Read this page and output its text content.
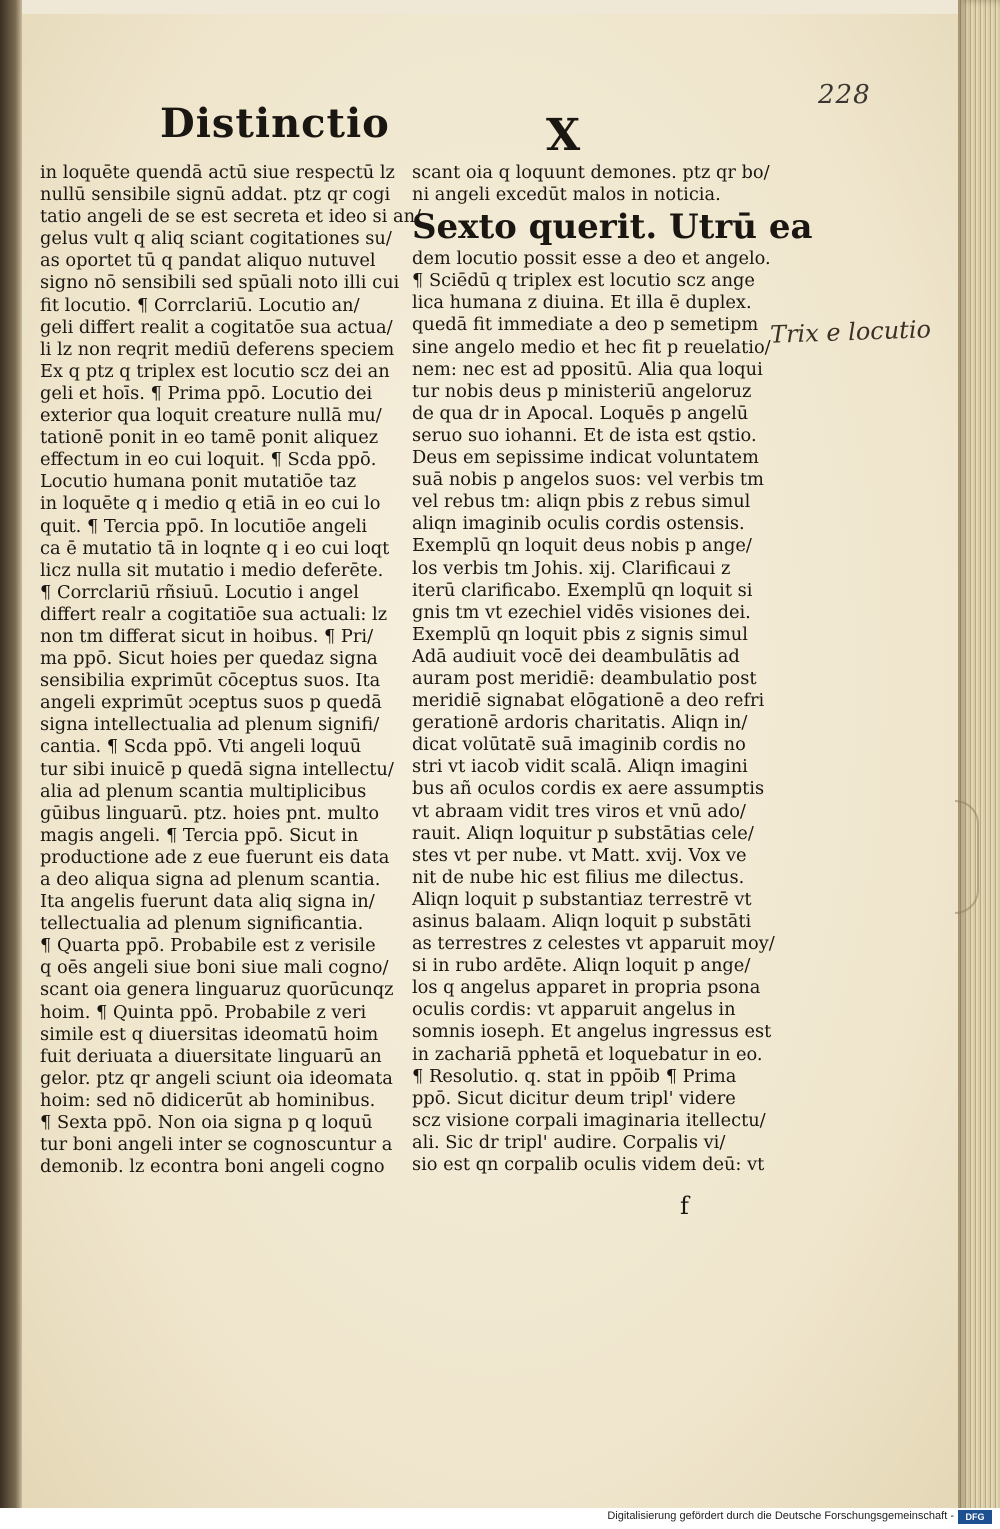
228
Distinctio	X
Trix e locutio
in loquēte quendā actū siue respectū lz
nullū sensibile signū addat. ptz qr cogi
tatio angeli de se est secreta et ideo si an/
gelus vult q aliq sciant cogitationes su/
as oportet tū q pandat aliquo nutuvel
signo nō sensibili sed spūali noto illi cui
fit locutio. ¶ Corrclariū. Locutio an/
geli differt realit a cogitatōe sua actua/
li lz non reqrit mediū deferens speciem
Ex q ptz q triplex est locutio scz dei an
geli et hoīs. ¶ Prima ppō. Locutio dei
exterior qua loquit creature nullā mu/
tationē ponit in eo tamē ponit aliquez
effectum in eo cui loquit. ¶ Scda ppō.
Locutio humana ponit mutatiōe taz
in loquēte q i medio q etiā in eo cui lo
quit. ¶ Tercia ppō. In locutiōe angeli
ca ē mutatio tā in loqnte q i eo cui loqt
licz nulla sit mutatio i medio deferēte.
¶ Corrclariū rñsiuū. Locutio i angel
differt realr a cogitatiōe sua actuali: lz
non tm differat sicut in hoibus. ¶ Pri/
ma ppō. Sicut hoies per quedaz signa
sensibilia exprimūt cōceptus suos. Ita
angeli exprimūt ɔceptus suos p quedā
signa intellectualia ad plenum signifi/
cantia. ¶ Scda ppō. Vti angeli loquū
tur sibi inuicē p quedā signa intellectu/
alia ad plenum scantia multiplicibus
gūibus linguarū. ptz. hoies pnt. multo
magis angeli. ¶ Tercia ppō. Sicut in
productione ade z eue fuerunt eis data
a deo aliqua signa ad plenum scantia.
Ita angelis fuerunt data aliq signa in/
tellectualia ad plenum significantia.
¶ Quarta ppō. Probabile est z verisile
q oēs angeli siue boni siue mali cogno/
scant oia genera linguaruz quorūcunqz
hoim. ¶ Quinta ppō. Probabile z veri
simile est q diuersitas ideomatū hoim
fuit deriuata a diuersitate linguarū an
gelor. ptz qr angeli sciunt oia ideomata
hoim: sed nō didicerūt ab hominibus.
¶ Sexta ppō. Non oia signa p q loquū
tur boni angeli inter se cognoscuntur a
demonib. lz econtra boni angeli cogno
scant oia q loquunt demones. ptz qr bo/
ni angeli excedūt malos in noticia.
Sexto querit. Utrū ea
dem locutio possit esse a deo et angelo.
¶ Sciēdū q triplex est locutio scz ange
lica humana z diuina. Et illa ē duplex.
quedā fit immediate a deo p semetipm
sine angelo medio et hec fit p reuelatio/
nem: nec est ad ppositū. Alia qua loqui
tur nobis deus p ministeriū angeloruz
de qua dr in Apocal. Loquēs p angelū
seruo suo iohanni. Et de ista est qstio.
Deus em sepissime indicat voluntatem
suā nobis p angelos suos: vel verbis tm
vel rebus tm: aliqn pbis z rebus simul
aliqn imaginib oculis cordis ostensis.
Exemplū qn loquit deus nobis p ange/
los verbis tm Johis. xij. Clarificaui z
iterū clarificabo. Exemplū qn loquit si
gnis tm vt ezechiel vidēs visiones dei.
Exemplū qn loquit pbis z signis simul
Adā audiuit vocē dei deambulātis ad
auram post meridiē: deambulatio post
meridiē signabat elōgationē a deo refri
gerationē ardoris charitatis. Aliqn in/
dicat volūtatē suā imaginib cordis no
stri vt iacob vidit scalā. Aliqn imagini
bus añ oculos cordis ex aere assumptis
vt abraam vidit tres viros et vnū ado/
rauit. Aliqn loquitur p substātias cele/
stes vt per nube. vt Matt. xvij. Vox ve
nit de nube hic est filius me dilectus.
Aliqn loquit p substantiaz terrestrē vt
asinus balaam. Aliqn loquit p substāti
as terrestres z celestes vt apparuit moy/
si in rubo ardēte. Aliqn loquit p ange/
los q angelus apparet in propria psona
oculis cordis: vt apparuit angelus in
somnis ioseph. Et angelus ingressus est
in zachariā pphetā et loquebatur in eo.
¶ Resolutio. q. stat in ppōib ¶ Prima
ppō. Sicut dicitur deum tripl' videre
scz visione corpali imaginaria itellectu/
ali. Sic dr tripl' audire. Corpalis vi/
sio est qn corpalib oculis videm deū: vt
f
Digitalisierung gefördert durch die Deutsche Forschungsgemeinschaft -	DFG
